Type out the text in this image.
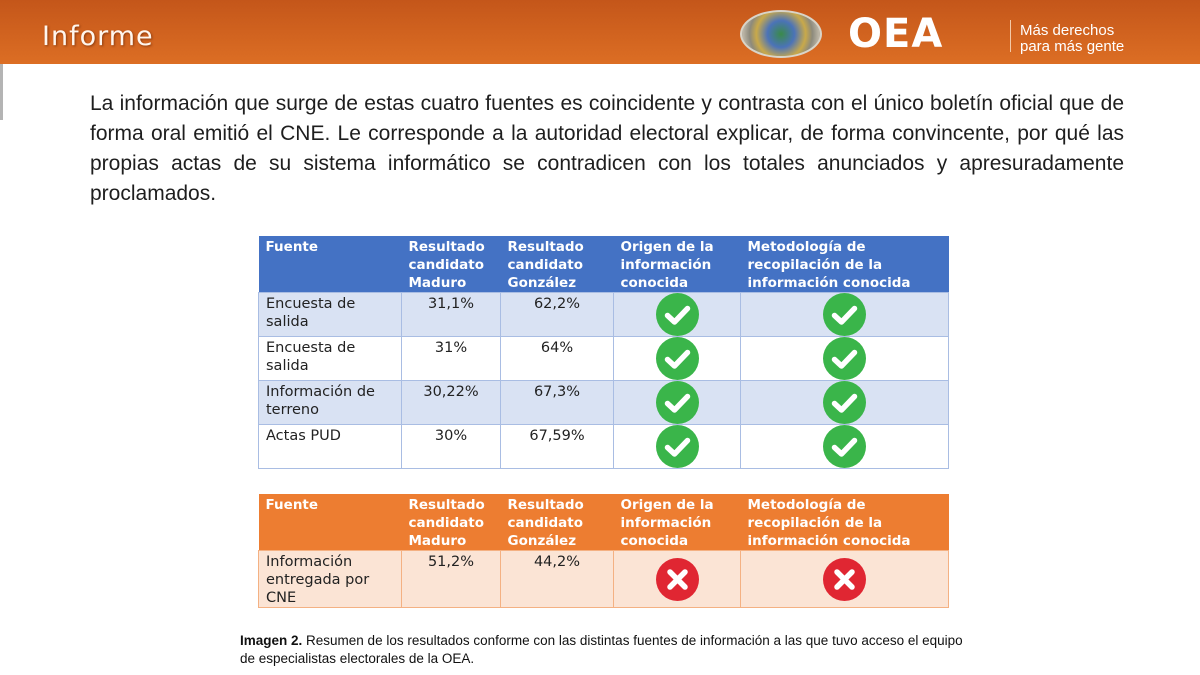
Informe	OEA	Más derechos
para más gente

La información que surge de estas cuatro fuentes es coincidente y contrasta con el único boletín oficial que de forma oral emitió el CNE. Le corresponde a la autoridad electoral explicar, de forma convincente, por qué las propias actas de su sistema informático se contradicen con los totales anunciados y apresuradamente proclamados.

Fuente	Resultado candidato Maduro	Resultado candidato González	Origen de la información conocida	Metodología de recopilación de la información conocida
Encuesta de salida	31,1%	62,2%	

Encuesta de salida	31%	64%	

Información de terreno	30,22%	67,3%	

Actas PUD	30%	67,59%	

Fuente	Resultado candidato Maduro	Resultado candidato González	Origen de la información conocida	Metodología de recopilación de la información conocida
Información entregada por CNE	51,2%	44,2%	

Imagen 2. Resumen de los resultados conforme con las distintas fuentes de información a las que tuvo acceso el equipo de especialistas electorales de la OEA.
